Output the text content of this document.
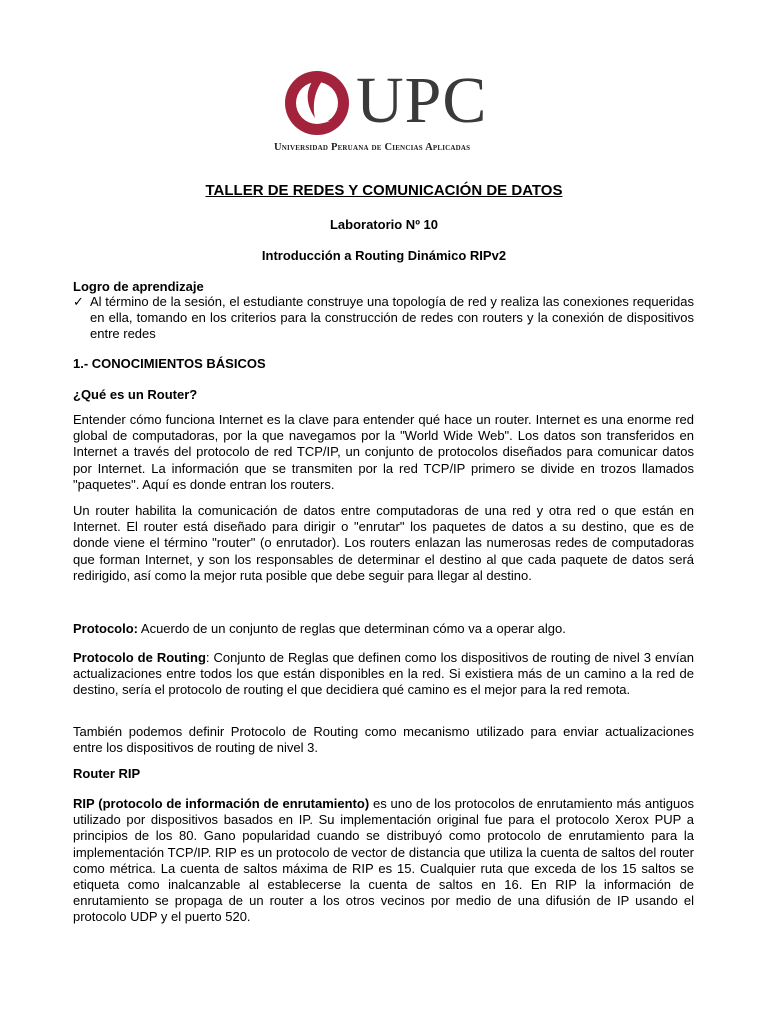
UPC
Universidad Peruana de Ciencias Aplicadas
TALLER DE REDES Y COMUNICACIÓN DE DATOS
Laboratorio Nº 10
Introducción a Routing Dinámico RIPv2
Logro de aprendizaje
✓ Al término de la sesión, el estudiante construye una topología de red y realiza las conexiones requeridas en ella, tomando en los criterios para la construcción de redes con routers y la conexión de dispositivos entre redes
1.- CONOCIMIENTOS BÁSICOS
¿Qué es un Router?
Entender cómo funciona Internet es la clave para entender qué hace un router. Internet es una enorme red global de computadoras, por la que navegamos por la "World Wide Web". Los datos son transferidos en Internet a través del protocolo de red TCP/IP, un conjunto de protocolos diseñados para comunicar datos por Internet. La información que se transmiten por la red TCP/IP primero se divide en trozos llamados "paquetes". Aquí es donde entran los routers.
Un router habilita la comunicación de datos entre computadoras de una red y otra red o que están en Internet. El router está diseñado para dirigir o "enrutar" los paquetes de datos a su destino, que es de donde viene el término "router" (o enrutador). Los routers enlazan las numerosas redes de computadoras que forman Internet, y son los responsables de determinar el destino al que cada paquete de datos será redirigido, así como la mejor ruta posible que debe seguir para llegar al destino.
Protocolo: Acuerdo de un conjunto de reglas que determinan cómo va a operar algo.
Protocolo de Routing: Conjunto de Reglas que definen como los dispositivos de routing de nivel 3 envían actualizaciones entre todos los que están disponibles en la red. Si existiera más de un camino a la red de destino, sería el protocolo de routing el que decidiera qué camino es el mejor para la red remota.
También podemos definir Protocolo de Routing como mecanismo utilizado para enviar actualizaciones entre los dispositivos de routing de nivel 3.
Router RIP
RIP (protocolo de información de enrutamiento) es uno de los protocolos de enrutamiento más antiguos utilizado por dispositivos basados en IP. Su implementación original fue para el protocolo Xerox PUP a principios de los 80. Gano popularidad cuando se distribuyó como protocolo de enrutamiento para la implementación TCP/IP. RIP es un protocolo de vector de distancia que utiliza la cuenta de saltos del router como métrica. La cuenta de saltos máxima de RIP es 15. Cualquier ruta que exceda de los 15 saltos se etiqueta como inalcanzable al establecerse la cuenta de saltos en 16. En RIP la información de enrutamiento se propaga de un router a los otros vecinos por medio de una difusión de IP usando el protocolo UDP y el puerto 520.
